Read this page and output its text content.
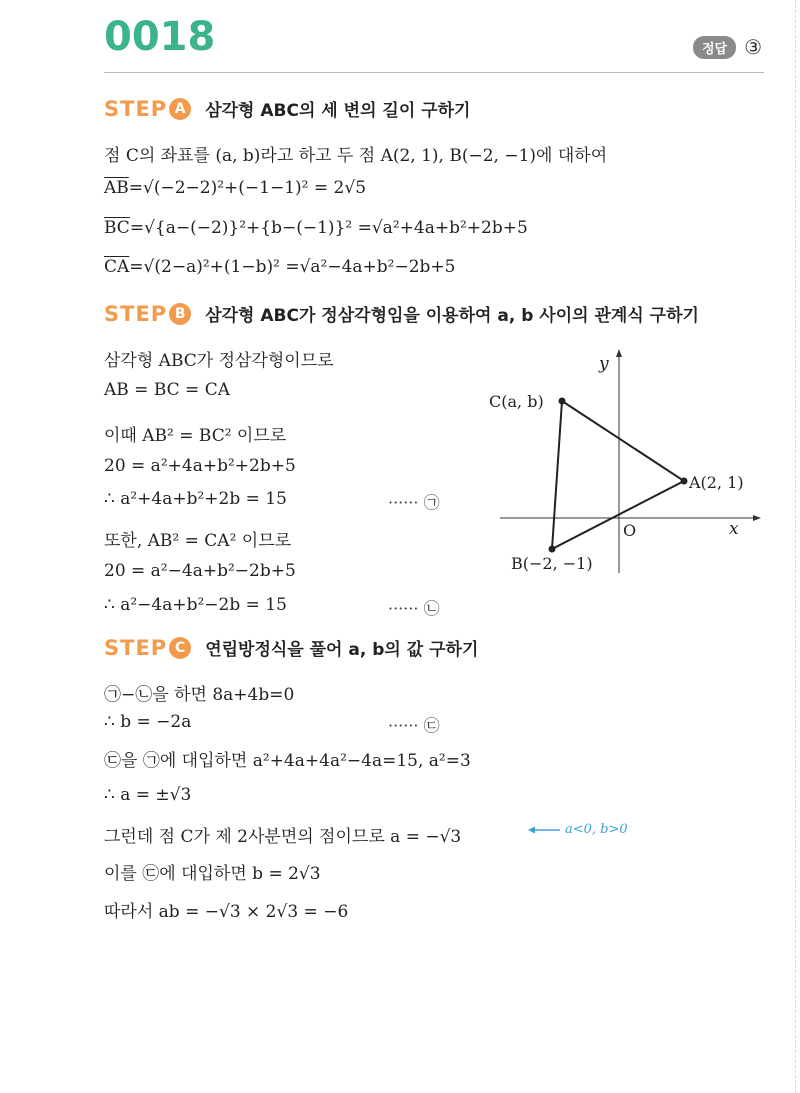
0018	정답 ③
STEP A	삼각형 ABC의 세 변의 길이 구하기
점 C의 좌표를 (a, b)라고 하고 두 점 A(2, 1), B(−2, −1)에 대하여
$\overline{AB}=√(-2-2)^2+(-1-1)^2 = 2√5$
$\overline{BC}=√\{a-(-2)\}^2+\{b-(-1)\}^2 =√a^2+4a+b^2+2b+5$
$\overline{CA}=√(2-a)^2+(1-b)^2 =√a^2-4a+b^2-2b+5$
STEP B	삼각형 ABC가 정삼각형임을 이용하여 a, b 사이의 관계식 구하기
삼각형 ABC가 정삼각형이므로
AB = BC = CA
이때 AB² = BC² 이므로
20 = a²+4a+b²+2b+5
∴ a²+4a+b²+2b = 15	······ ㉠
또한, AB² = CA² 이므로
20 = a²−4a+b²−2b+5
∴ a²−4a+b²−2b = 15	······ ㉡
y
x
O
C(a, b)
A(2, 1)
B(−2, −1)
STEP C	연립방정식을 풀어 a, b의 값 구하기
㉠−㉡을 하면 8a+4b=0
∴ b = −2a	······ ㉢
㉢을 ㉠에 대입하면 a²+4a+4a²−4a=15, a²=3
∴ a = ±√3
그런데 점 C가 제 2사분면의 점이므로 a = −√3	a<0, b>0
이를 ㉢에 대입하면 b = 2√3
따라서 ab = −√3 × 2√3 = −6
